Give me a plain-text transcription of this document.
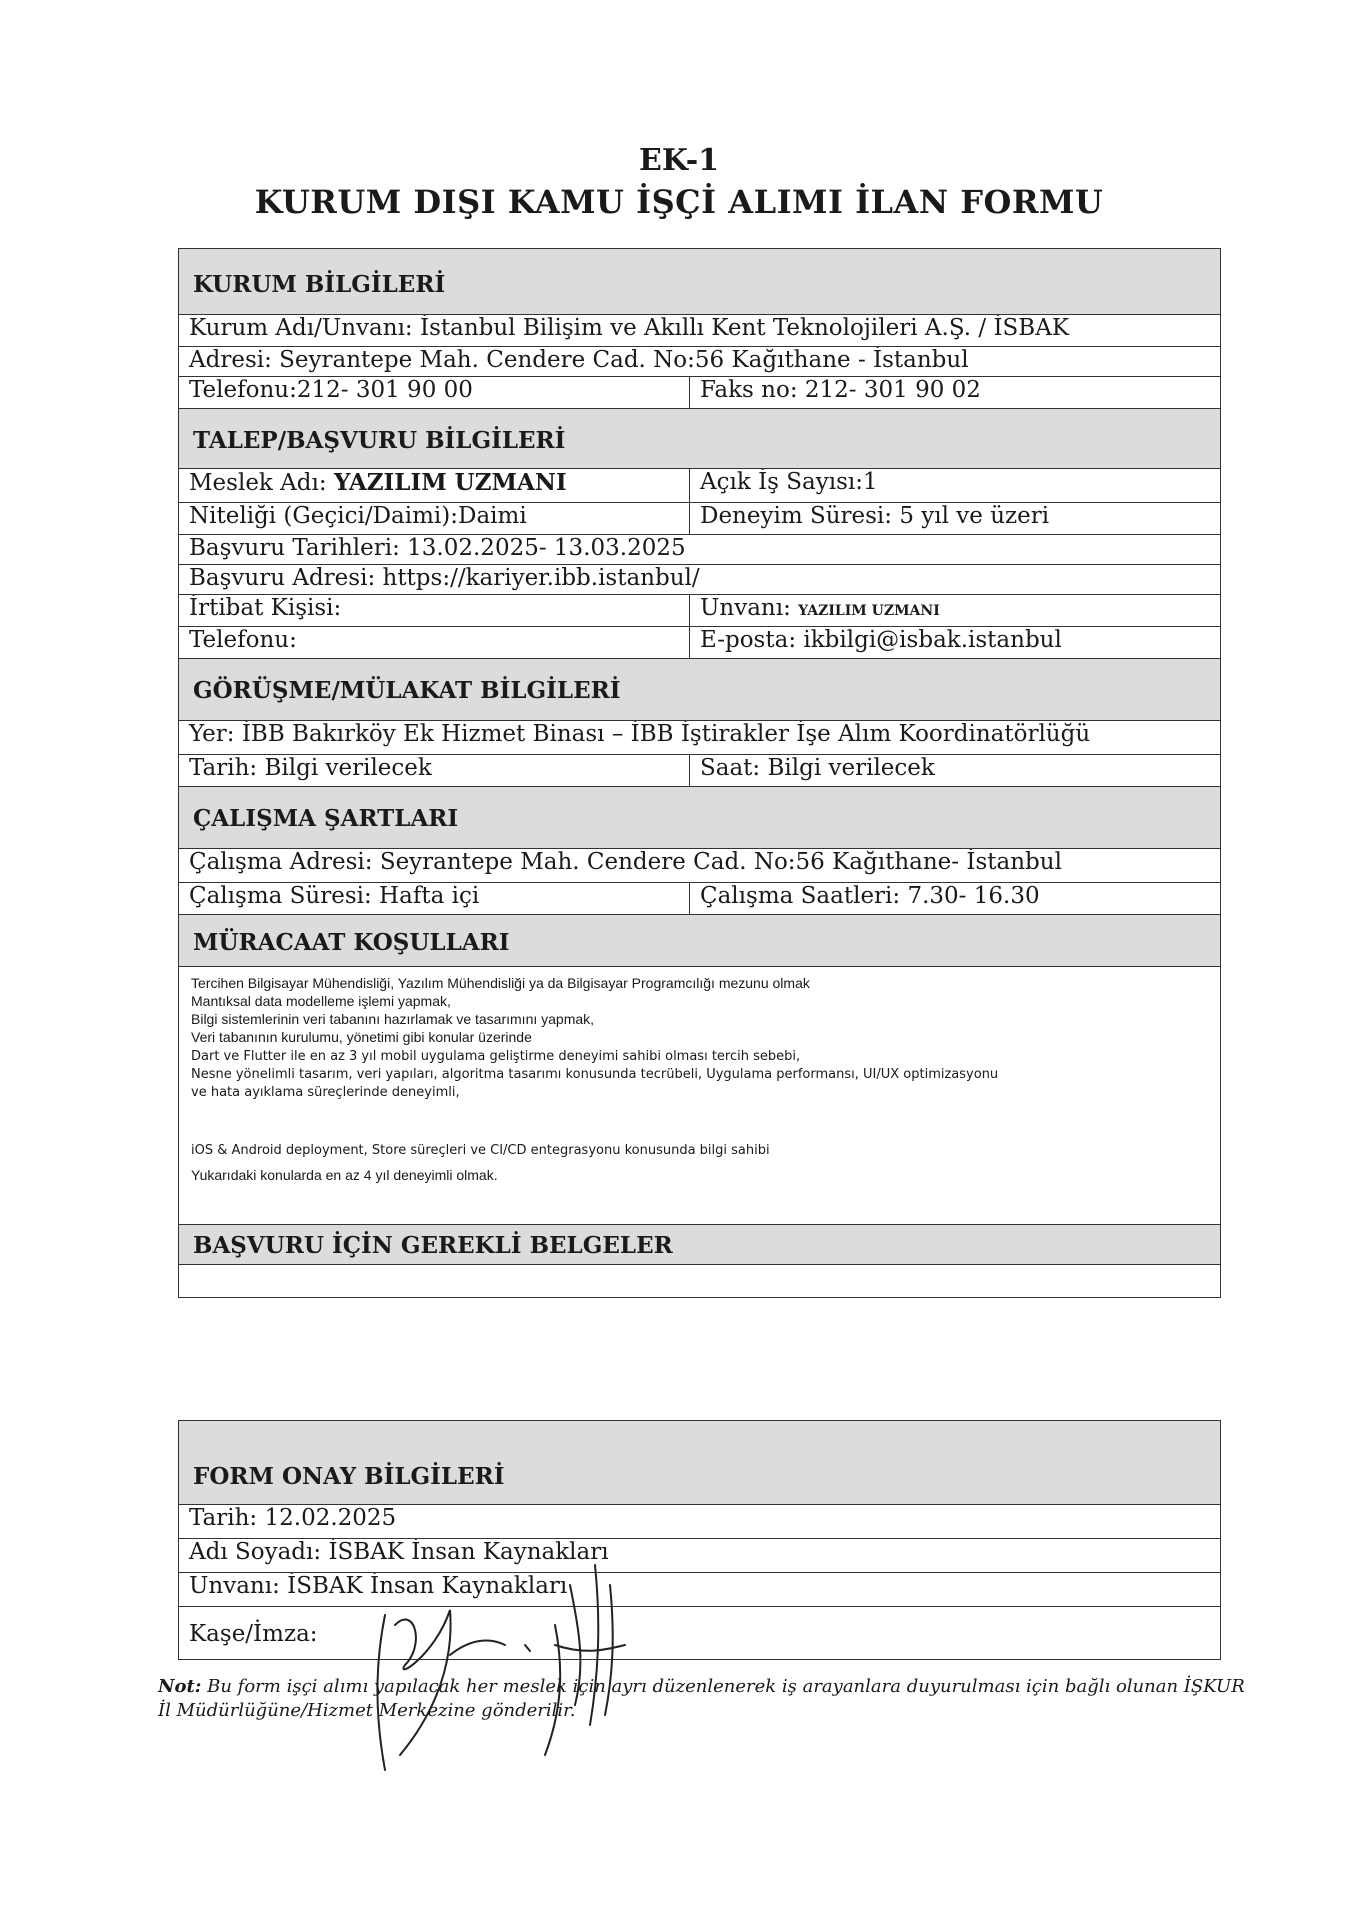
EK-1
KURUM DIŞI KAMU İŞÇİ ALIMI İLAN FORMU
KURUM BİLGİLERİ
Kurum Adı/Unvanı: İstanbul Bilişim ve Akıllı Kent Teknolojileri A.Ş. / İSBAK
Adresi: Seyrantepe Mah. Cendere Cad. No:56 Kağıthane - İstanbul
Telefonu:212- 301 90 00	Faks no: 212- 301 90 02
TALEP/BAŞVURU BİLGİLERİ
Meslek Adı: YAZILIM UZMANI	Açık İş Sayısı:1
Niteliği (Geçici/Daimi):Daimi	Deneyim Süresi: 5 yıl ve üzeri
Başvuru Tarihleri: 13.02.2025- 13.03.2025
Başvuru Adresi: https://kariyer.ibb.istanbul/
İrtibat Kişisi:	Unvanı: YAZILIM UZMANI
Telefonu:	E-posta: ikbilgi@isbak.istanbul
GÖRÜŞME/MÜLAKAT BİLGİLERİ
Yer: İBB Bakırköy Ek Hizmet Binası – İBB İştirakler İşe Alım Koordinatörlüğü
Tarih: Bilgi verilecek	Saat: Bilgi verilecek
ÇALIŞMA ŞARTLARI
Çalışma Adresi: Seyrantepe Mah. Cendere Cad. No:56 Kağıthane- İstanbul
Çalışma Süresi: Hafta içi	Çalışma Saatleri: 7.30- 16.30
MÜRACAAT KOŞULLARI
Tercihen Bilgisayar Mühendisliği, Yazılım Mühendisliği ya da Bilgisayar Programcılığı mezunu olmak
Mantıksal data modelleme işlemi yapmak,
Bilgi sistemlerinin veri tabanını hazırlamak ve tasarımını yapmak,
Veri tabanının kurulumu, yönetimi gibi konular üzerinde
Dart ve Flutter ile en az 3 yıl mobil uygulama geliştirme deneyimi sahibi olması tercih sebebi,
Nesne yönelimli tasarım, veri yapıları, algoritma tasarımı konusunda tecrübeli, Uygulama performansı, UI/UX optimizasyonu
ve hata ayıklama süreçlerinde deneyimli,
iOS & Android deployment, Store süreçleri ve CI/CD entegrasyonu konusunda bilgi sahibi
Yukarıdaki konularda en az 4 yıl deneyimli olmak.
BAŞVURU İÇİN GEREKLİ BELGELER
FORM ONAY BİLGİLERİ
Tarih: 12.02.2025
Adı Soyadı: İSBAK İnsan Kaynakları
Unvanı: İSBAK İnsan Kaynakları
Kaşe/İmza:
Not: Bu form işçi alımı yapılacak her meslek için ayrı düzenlenerek iş arayanlara duyurulması için bağlı olunan İŞKUR İl Müdürlüğüne/Hizmet Merkezine gönderilir.
